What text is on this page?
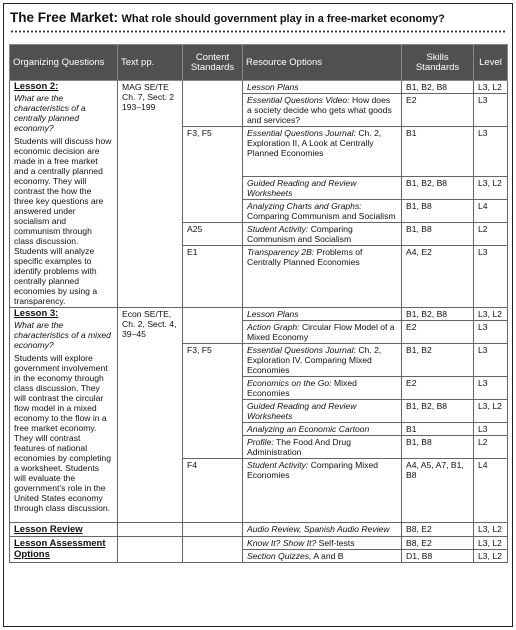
The Free Market: What role should government play in a free-market economy?
Organizing Questions	Text pp.	Content Standards	Resource Options	Skills Standards	Level

Lesson 2:
What are the characteristics of a centrally planned economy?
Students will discuss how economic decision are made in a free market and a centrally planned economy. They will contrast the how the three key questions are answered under socialism and communism through class discussion. Students will analyze specific examples to identify problems with centrally planned economies by using a transparency.	MAG SE/TE Ch. 7, Sect. 2 193–199		Lesson Plans	B1, B2, B8	L3, L2
			Essential Questions Video: How does a society decide who gets what goods and services?	E2	L3
		F3, F5	Essential Questions Journal: Ch. 2, Exploration II, A Look at Centrally Planned Economies	B1	L3
			Guided Reading and Review Worksheets	B1, B2, B8	L3, L2
			Analyzing Charts and Graphs: Comparing Communism and Socialism	B1, B8	L4
		A25	Student Activity: Comparing Communism and Socialism	B1, B8	L2
		E1	Transparency 2B: Problems of Centrally Planned Economies	A4, E2	L3

Lesson 3:
What are the characteristics of a mixed economy?
Students will explore government involvement in the economy through class discussion. They will contrast the circular flow model in a mixed economy to the flow in a free market economy. They will contrast features of national economies by completing a worksheet. Students will evaluate the government’s role in the United States economy through class discussion.	Econ SE/TE, Ch. 2, Sect. 4, 39–45		Lesson Plans	B1, B2, B8	L3, L2
			Action Graph: Circular Flow Model of a Mixed Economy	E2	L3
		F3, F5	Essential Questions Journal: Ch. 2, Exploration IV, Comparing Mixed Economies	B1, B2	L3
			Economics on the Go: Mixed Economies	E2	L3
			Guided Reading and Review Worksheets	B1, B2, B8	L3, L2
			Analyzing an Economic Cartoon	B1	L3
			Profile: The Food And Drug Administration	B1, B8	L2
		F4	Student Activity: Comparing Mixed Economies	A4, A5, A7, B1, B8	L4
Lesson Review			Audio Review, Spanish Audio Review	B8, E2	L3, L2
Lesson Assessment Options			Know It? Show It? Self-tests	B8, E2	L3, L2
			Section Quizzes, A and B	D1, B8	L3, L2
